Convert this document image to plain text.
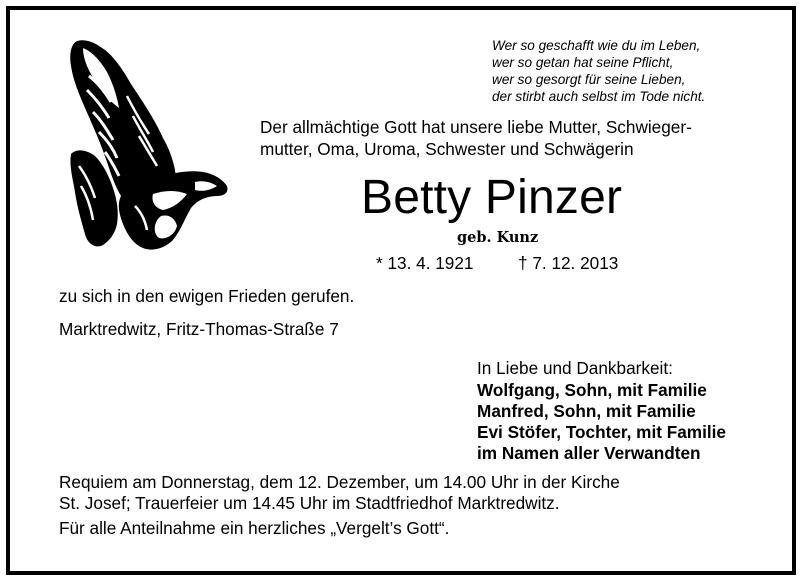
Wer so geschafft wie du im Leben,
wer so getan hat seine Pflicht,
wer so gesorgt für seine Lieben,
der stirbt auch selbst im Tode nicht.
Der allmächtige Gott hat unsere liebe Mutter, Schwieger-
mutter, Oma, Uroma, Schwester und Schwägerin
Betty Pinzer
geb. Kunz
* 13. 4. 1921	† 7. 12. 2013
zu sich in den ewigen Frieden gerufen.
Marktredwitz, Fritz-Thomas-Straße 7
In Liebe und Dankbarkeit:
Wolfgang, Sohn, mit Familie
Manfred, Sohn, mit Familie
Evi Stöfer, Tochter, mit Familie
im Namen aller Verwandten
Requiem am Donnerstag, dem 12. Dezember, um 14.00 Uhr in der Kirche
St. Josef; Trauerfeier um 14.45 Uhr im Stadtfriedhof Marktredwitz.
Für alle Anteilnahme ein herzliches „Vergelt’s Gott“.
